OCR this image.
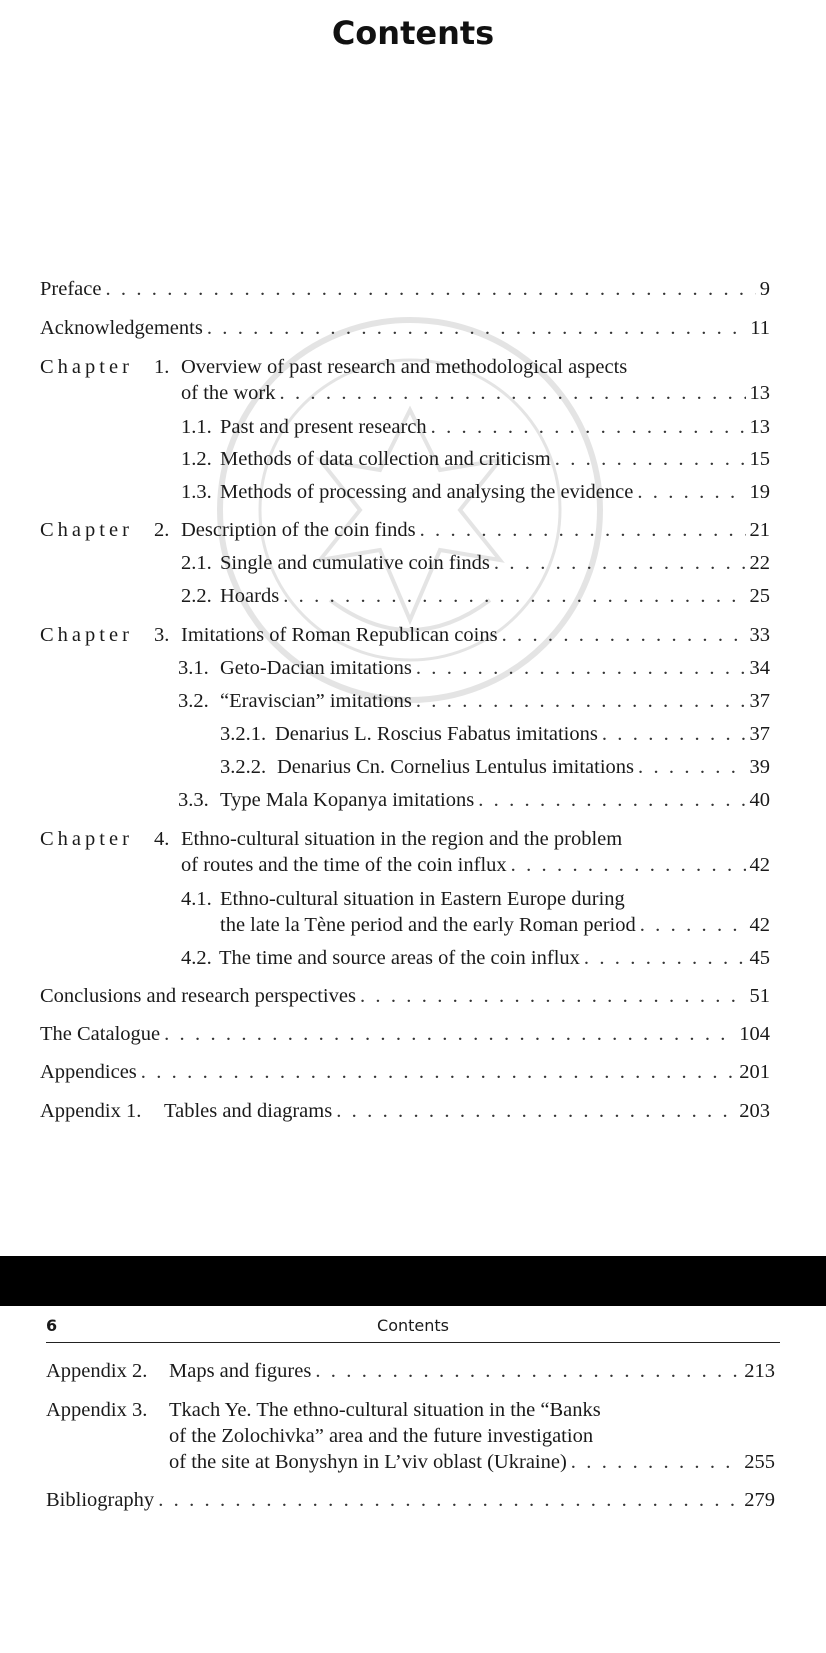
Contents
Preface . . .	9
Acknowledgements . . .	11
Chapter 1. Overview of past research and methodological aspects
of the work . . .	13
1.1. Past and present research . . .	13
1.2. Methods of data collection and criticism . . .	15
1.3. Methods of processing and analysing the evidence . . .	19
Chapter 2. Description of the coin finds . . .	21
2.1. Single and cumulative coin finds . . .	22
2.2. Hoards . . .	25
Chapter 3. Imitations of Roman Republican coins . . .	33
3.1. Geto-Dacian imitations . . .	34
3.2. “Eraviscian” imitations . . .	37
3.2.1. Denarius L. Roscius Fabatus imitations . . .	37
3.2.2. Denarius Cn. Cornelius Lentulus imitations . . .	39
3.3. Type Mala Kopanya imitations . . .	40
Chapter 4. Ethno-cultural situation in the region and the problem
of routes and the time of the coin influx . . .	42
4.1. Ethno-cultural situation in Eastern Europe during
the late la Tène period and the early Roman period . . .	42
4.2. The time and source areas of the coin influx . . .	45
Conclusions and research perspectives . . .	51
The Catalogue . . .	104
Appendices . . .	201
Appendix 1. Tables and diagrams . . .	203
6	Contents
Appendix 2. Maps and figures . . .	213
Appendix 3. Tkach Ye. The ethno-cultural situation in the “Banks
of the Zolochivka” area and the future investigation
of the site at Bonyshyn in L’viv oblast (Ukraine) . . .	255
Bibliography . . .	279
